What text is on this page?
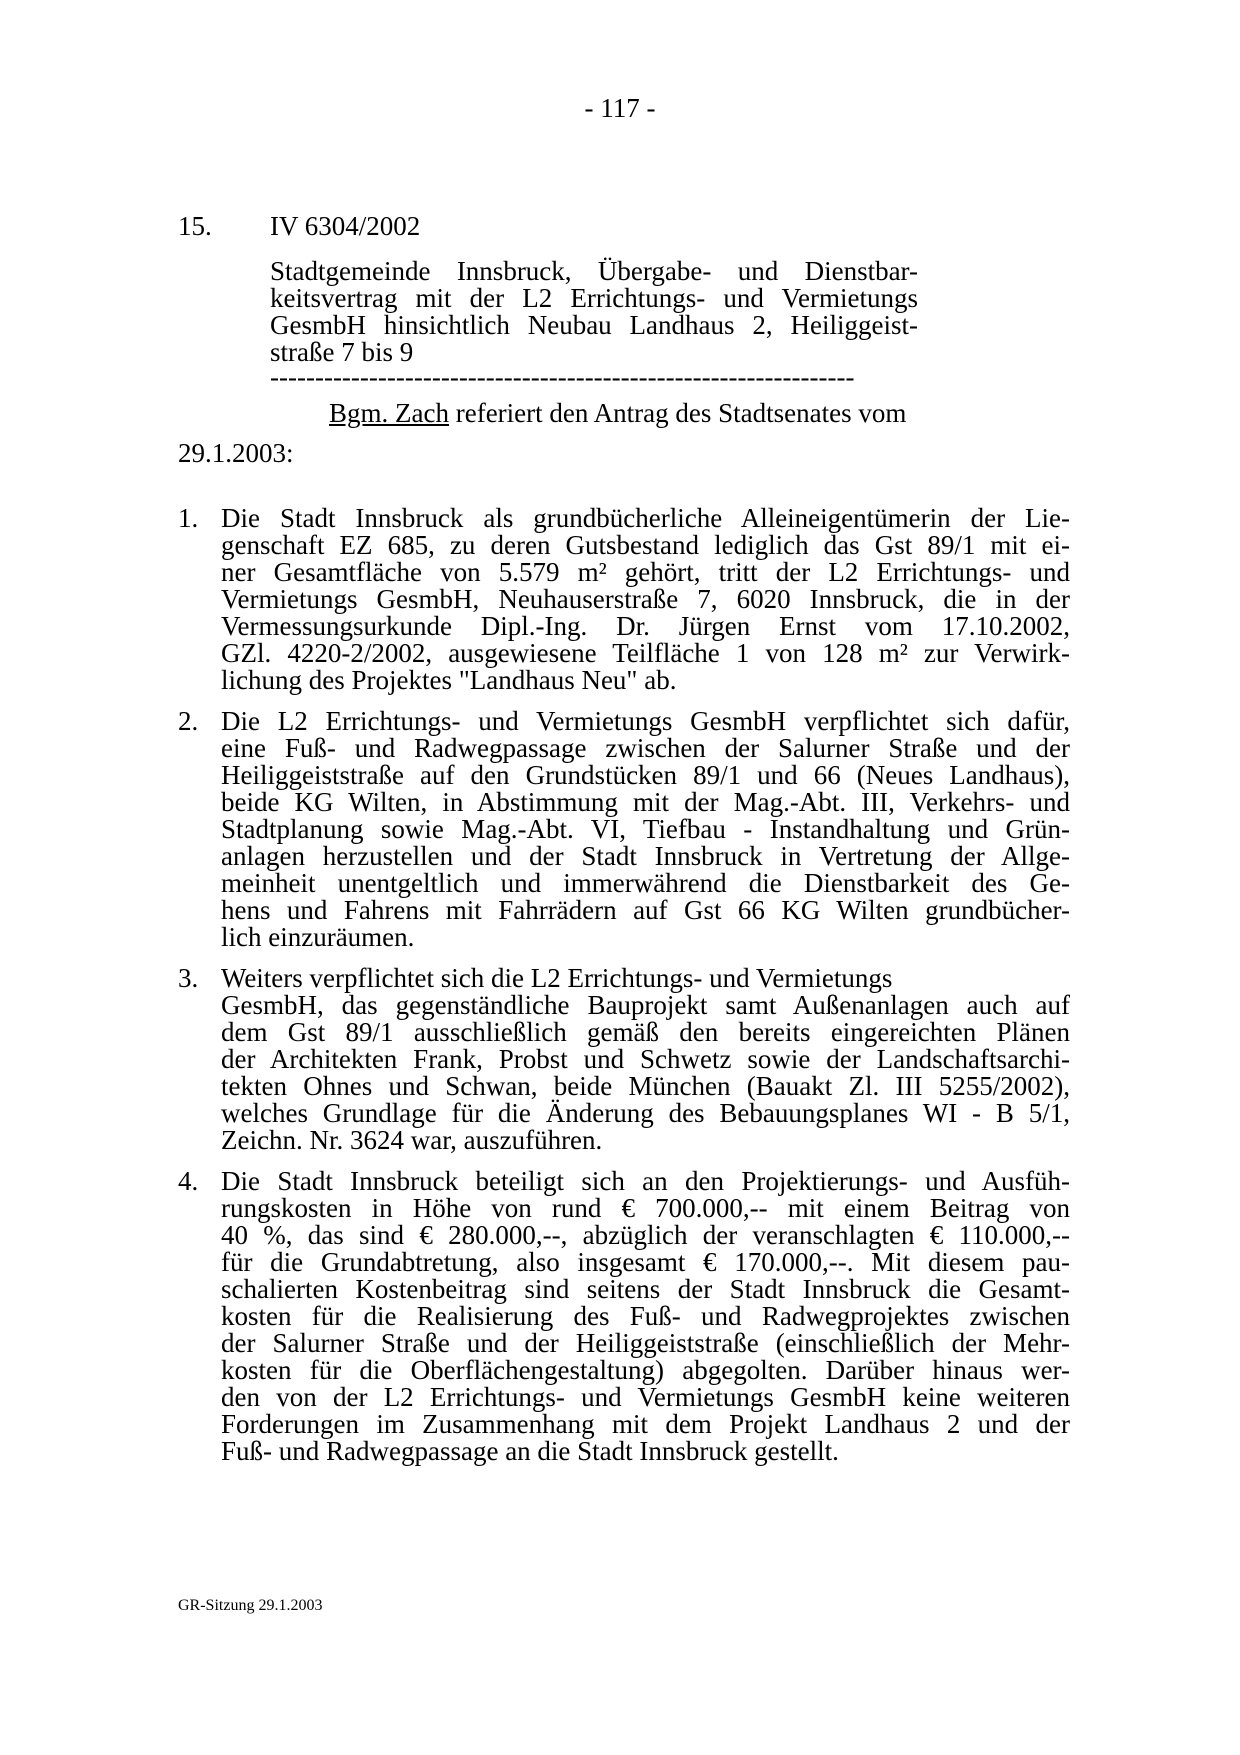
- 117 -
15. IV 6304/2002
Stadtgemeinde Innsbruck, Übergabe- und Dienstbar-
keitsvertrag mit der L2 Errichtungs- und Vermietungs
GesmbH hinsichtlich Neubau Landhaus 2, Heiliggeist-
straße 7 bis 9
-----------------------------------------------------------------
Bgm. Zach referiert den Antrag des Stadtsenates vom
29.1.2003:
1. Die Stadt Innsbruck als grundbücherliche Alleineigentümerin der Lie-
genschaft EZ 685, zu deren Gutsbestand lediglich das Gst 89/1 mit ei-
ner Gesamtfläche von 5.579 m² gehört, tritt der L2 Errichtungs- und
Vermietungs GesmbH, Neuhauserstraße 7, 6020 Innsbruck, die in der
Vermessungsurkunde Dipl.-Ing. Dr. Jürgen Ernst vom 17.10.2002,
GZl. 4220-2/2002, ausgewiesene Teilfläche 1 von 128 m² zur Verwirk-
lichung des Projektes "Landhaus Neu" ab.
2. Die L2 Errichtungs- und Vermietungs GesmbH verpflichtet sich dafür,
eine Fuß- und Radwegpassage zwischen der Salurner Straße und der
Heiliggeiststraße auf den Grundstücken 89/1 und 66 (Neues Landhaus),
beide KG Wilten, in Abstimmung mit der Mag.-Abt. III, Verkehrs- und
Stadtplanung sowie Mag.-Abt. VI, Tiefbau - Instandhaltung und Grün-
anlagen herzustellen und der Stadt Innsbruck in Vertretung der Allge-
meinheit unentgeltlich und immerwährend die Dienstbarkeit des Ge-
hens und Fahrens mit Fahrrädern auf Gst 66 KG Wilten grundbücher-
lich einzuräumen.
3. Weiters verpflichtet sich die L2 Errichtungs- und Vermietungs
GesmbH, das gegenständliche Bauprojekt samt Außenanlagen auch auf
dem Gst 89/1 ausschließlich gemäß den bereits eingereichten Plänen
der Architekten Frank, Probst und Schwetz sowie der Landschaftsarchi-
tekten Ohnes und Schwan, beide München (Bauakt Zl. III 5255/2002),
welches Grundlage für die Änderung des Bebauungsplanes WI - B 5/1,
Zeichn. Nr. 3624 war, auszuführen.
4. Die Stadt Innsbruck beteiligt sich an den Projektierungs- und Ausfüh-
rungskosten in Höhe von rund € 700.000,-- mit einem Beitrag von
40 %, das sind € 280.000,--, abzüglich der veranschlagten € 110.000,--
für die Grundabtretung, also insgesamt € 170.000,--. Mit diesem pau-
schalierten Kostenbeitrag sind seitens der Stadt Innsbruck die Gesamt-
kosten für die Realisierung des Fuß- und Radwegprojektes zwischen
der Salurner Straße und der Heiliggeiststraße (einschließlich der Mehr-
kosten für die Oberflächengestaltung) abgegolten. Darüber hinaus wer-
den von der L2 Errichtungs- und Vermietungs GesmbH keine weiteren
Forderungen im Zusammenhang mit dem Projekt Landhaus 2 und der
Fuß- und Radwegpassage an die Stadt Innsbruck gestellt.
GR-Sitzung 29.1.2003
